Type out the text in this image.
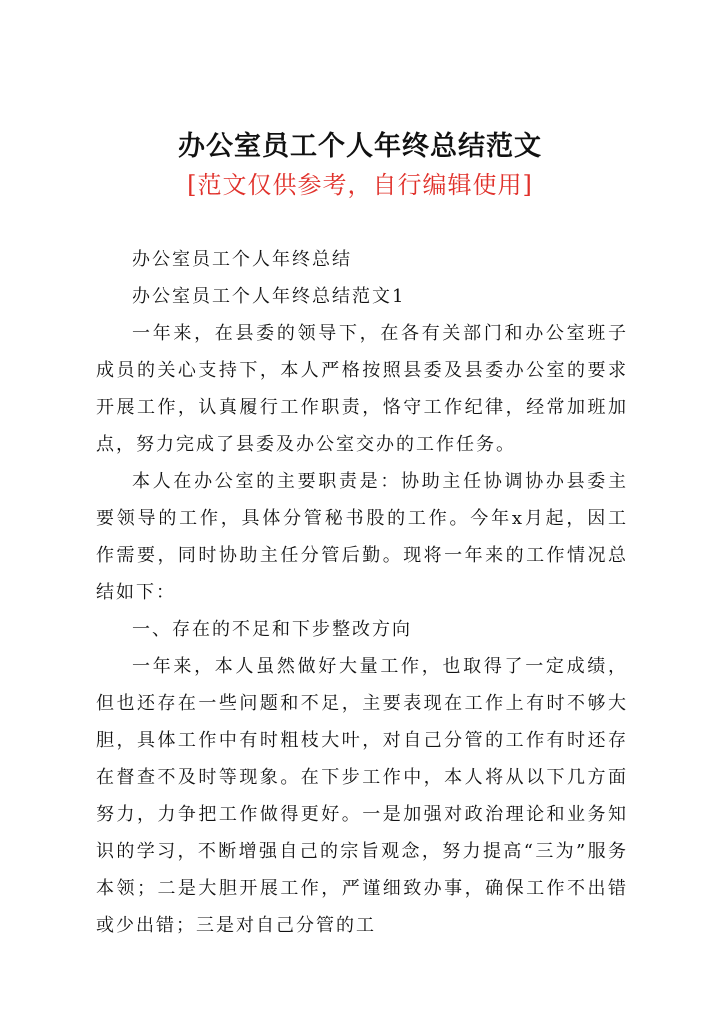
办公室员工个人年终总结范文
[范文仅供参考，自行编辑使用]

办公室员工个人年终总结

办公室员工个人年终总结范文1

一年来，在县委的领导下，在各有关部门和办公室班子成员的关心支持下，本人严格按照县委及县委办公室的要求开展工作，认真履行工作职责，恪守工作纪律，经常加班加点，努力完成了县委及办公室交办的工作任务。

本人在办公室的主要职责是：协助主任协调协办县委主要领导的工作，具体分管秘书股的工作。今年x月起，因工作需要，同时协助主任分管后勤。现将一年来的工作情况总结如下：

一、存在的不足和下步整改方向

一年来，本人虽然做好大量工作，也取得了一定成绩，但也还存在一些问题和不足，主要表现在工作上有时不够大胆，具体工作中有时粗枝大叶，对自己分管的工作有时还存在督查不及时等现象。在下步工作中，本人将从以下几方面努力，力争把工作做得更好。一是加强对政治理论和业务知识的学习，不断增强自己的宗旨观念，努力提高“三为”服务本领；二是大胆开展工作，严谨细致办事，确保工作不出错或少出错；三是对自己分管的工
